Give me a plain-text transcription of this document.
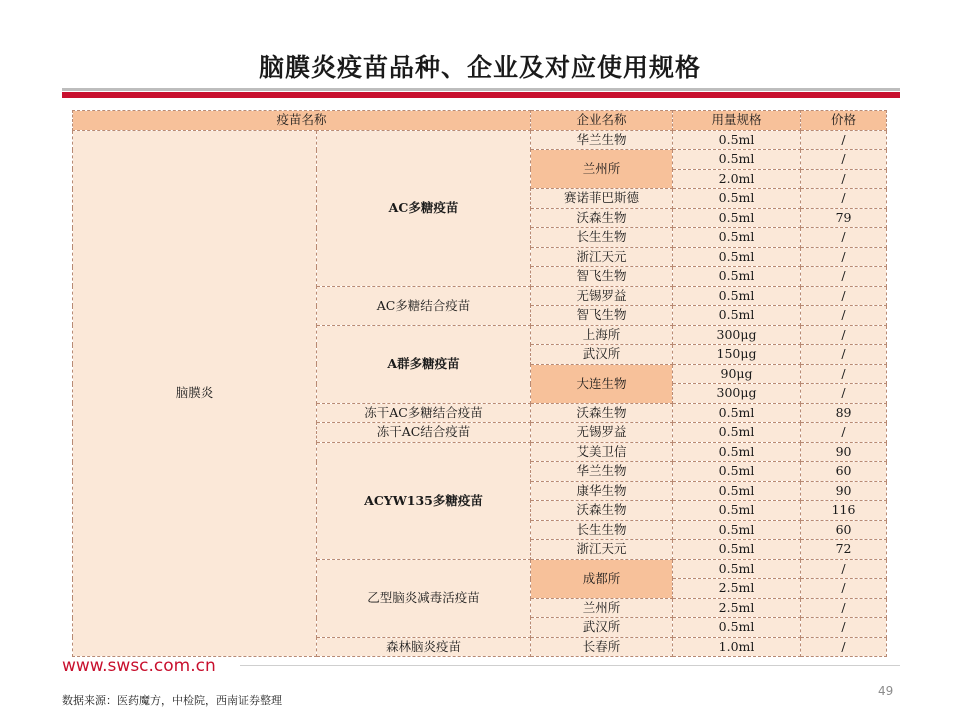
脑膜炎疫苗品种、企业及对应使用规格
疫苗名称		企业名称	用量规格	价格
脑膜炎	AC多糖疫苗	华兰生物	0.5ml	/
		兰州所	0.5ml	/
			2.0ml	/
		赛诺菲巴斯德	0.5ml	/
		沃森生物	0.5ml	79
		长生生物	0.5ml	/
		浙江天元	0.5ml	/
		智飞生物	0.5ml	/
	AC多糖结合疫苗	无锡罗益	0.5ml	/
		智飞生物	0.5ml	/
	A群多糖疫苗	上海所	300μg	/
		武汉所	150μg	/
		大连生物	90μg	/
			300μg	/
	冻干AC多糖结合疫苗	沃森生物	0.5ml	89
	冻干AC结合疫苗	无锡罗益	0.5ml	/
	ACYW135多糖疫苗	艾美卫信	0.5ml	90
		华兰生物	0.5ml	60
		康华生物	0.5ml	90
		沃森生物	0.5ml	116
		长生生物	0.5ml	60
		浙江天元	0.5ml	72
	乙型脑炎减毒活疫苗	成都所	0.5ml	/
			2.5ml	/
		兰州所	2.5ml	/
		武汉所	0.5ml	/
	森林脑炎疫苗	长春所	1.0ml	/
www.swsc.com.cn
49
数据来源：医药魔方，中检院，西南证券整理
